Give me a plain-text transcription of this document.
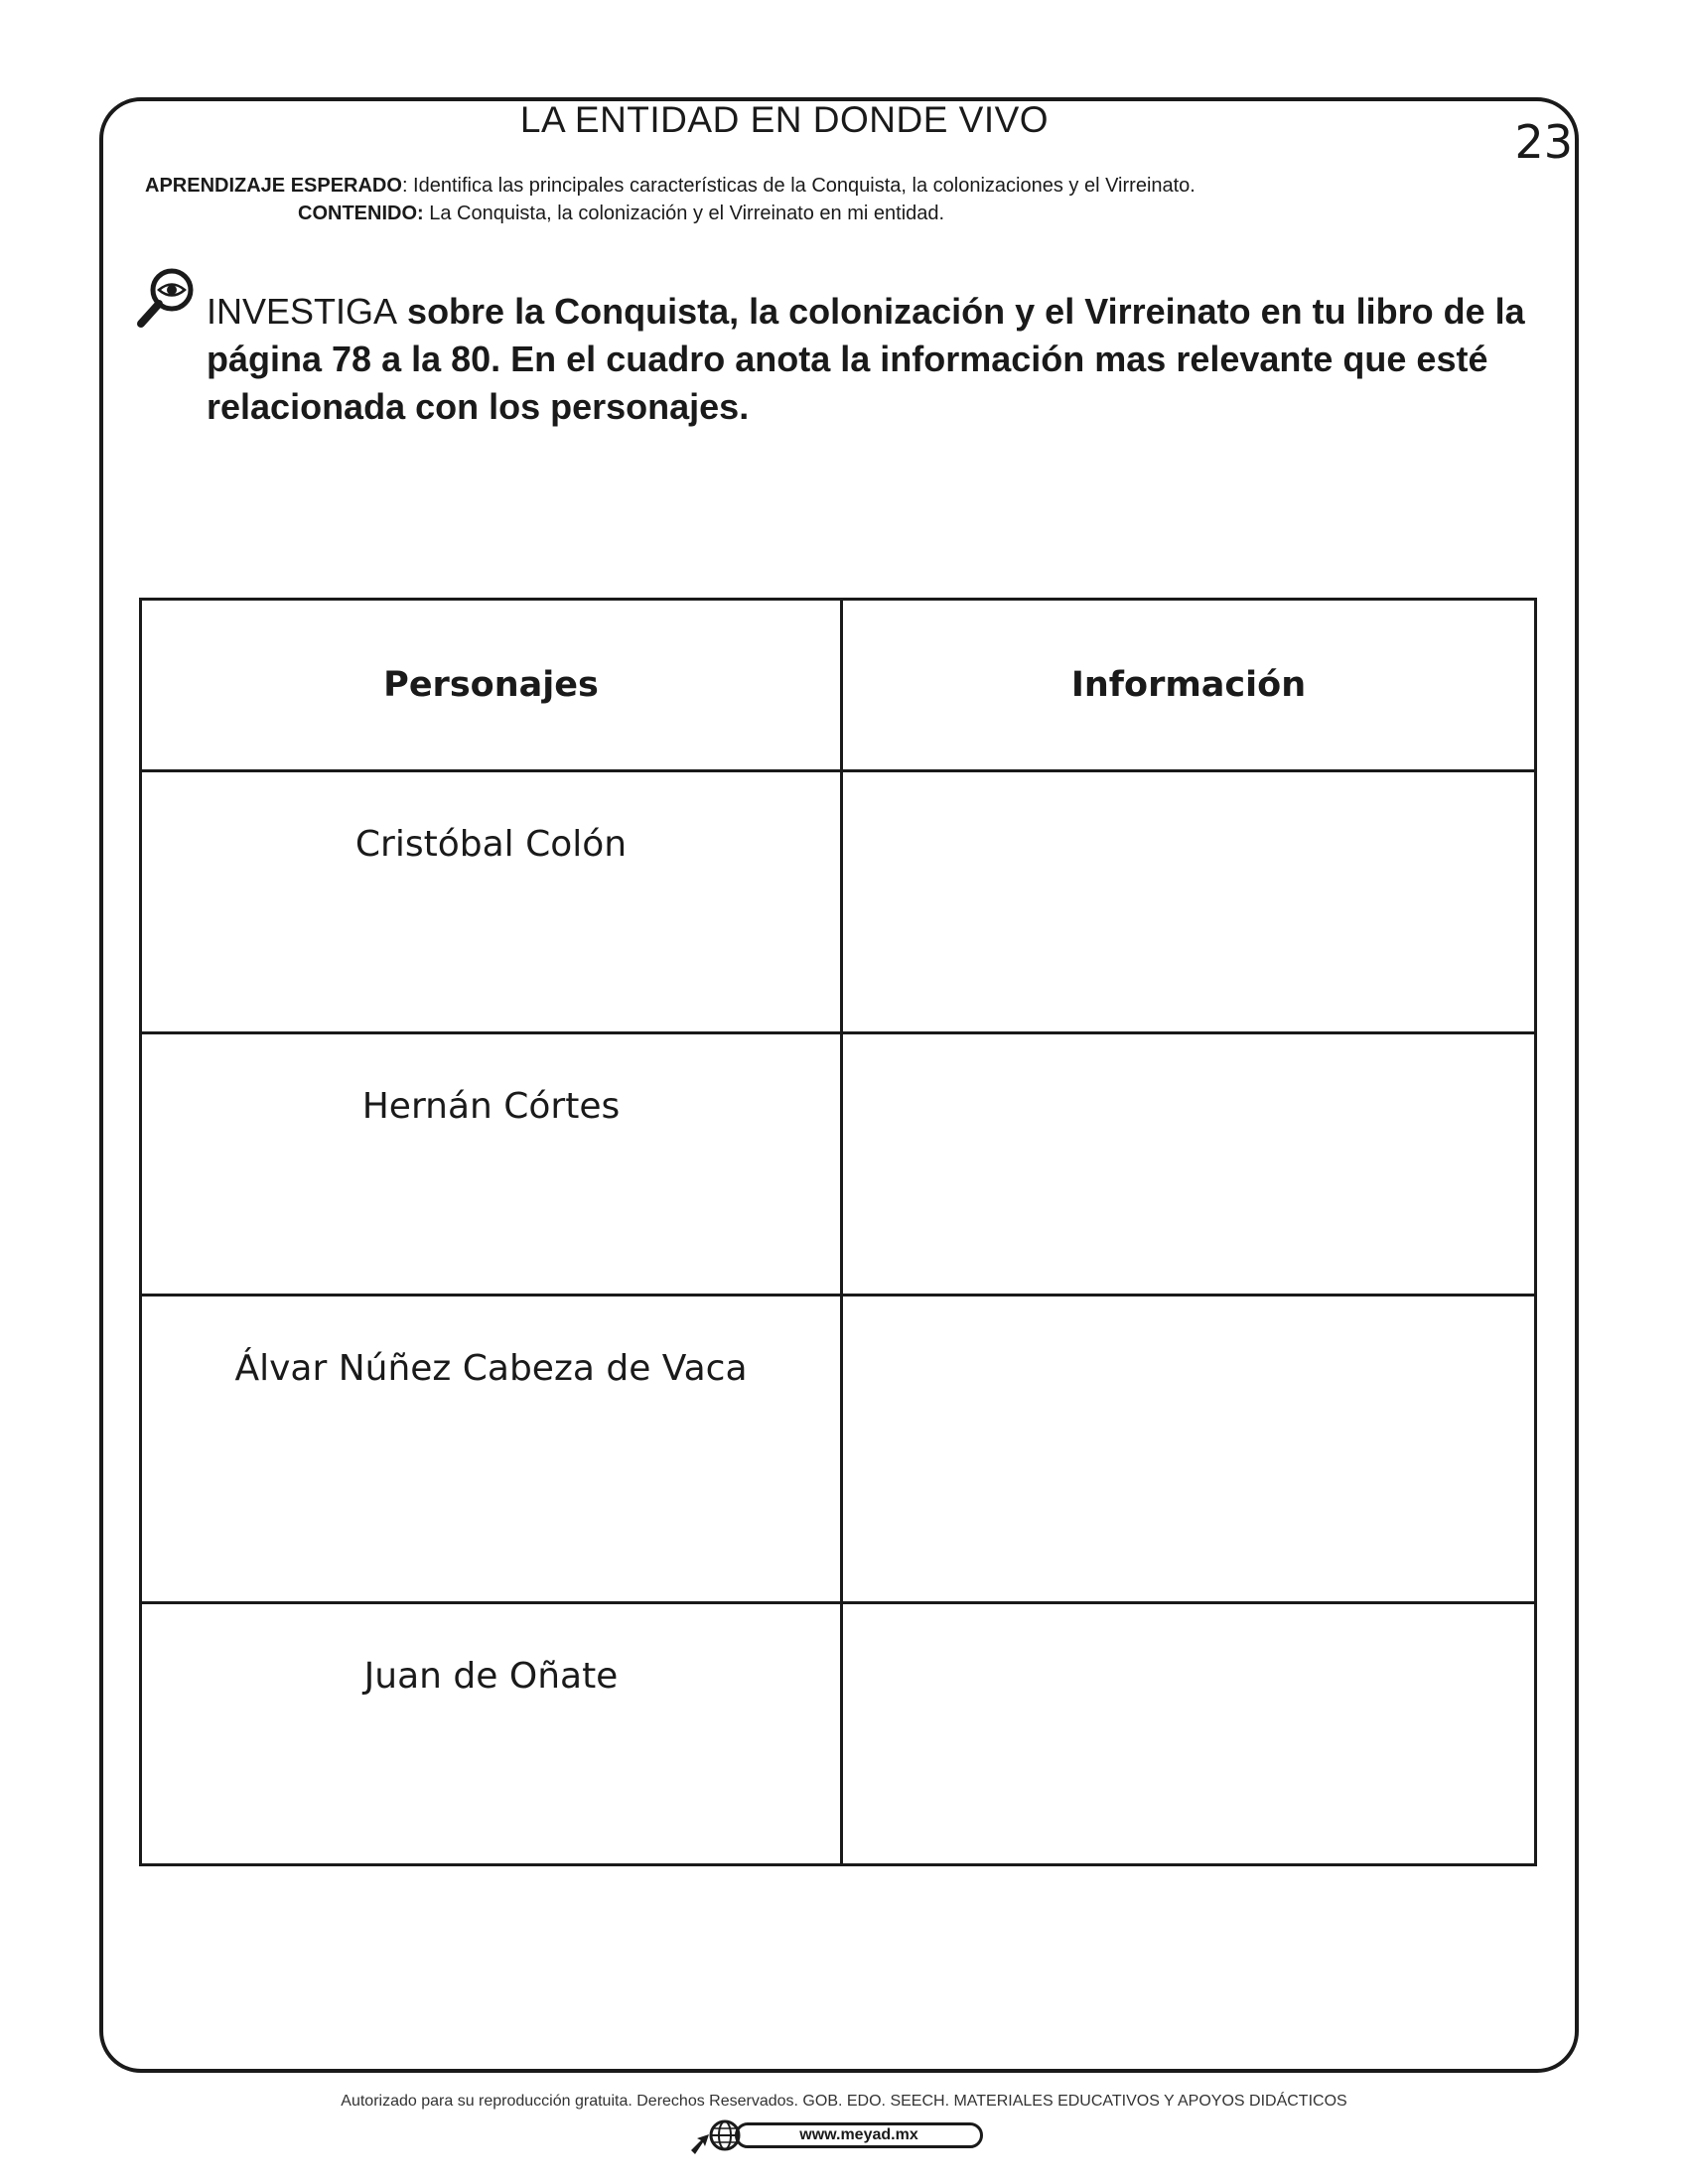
LA ENTIDAD EN DONDE VIVO	23
APRENDIZAJE ESPERADO: Identifica las principales características de la Conquista, la colonizaciones y el Virreinato.
CONTENIDO: La Conquista, la colonización y el Virreinato en mi entidad.
INVESTIGA sobre la Conquista, la colonización y el Virreinato en tu libro de la página 78 a la 80. En el cuadro anota la información mas relevante que esté relacionada con los personajes.
Personajes	Información

Cristóbal Colón	

Hernán Córtes	

Álvar Núñez Cabeza de Vaca	

Juan de Oñate	

Autorizado para su reproducción gratuita. Derechos Reservados. GOB. EDO. SEECH. MATERIALES EDUCATIVOS Y APOYOS DIDÁCTICOS
www.meyad.mx
